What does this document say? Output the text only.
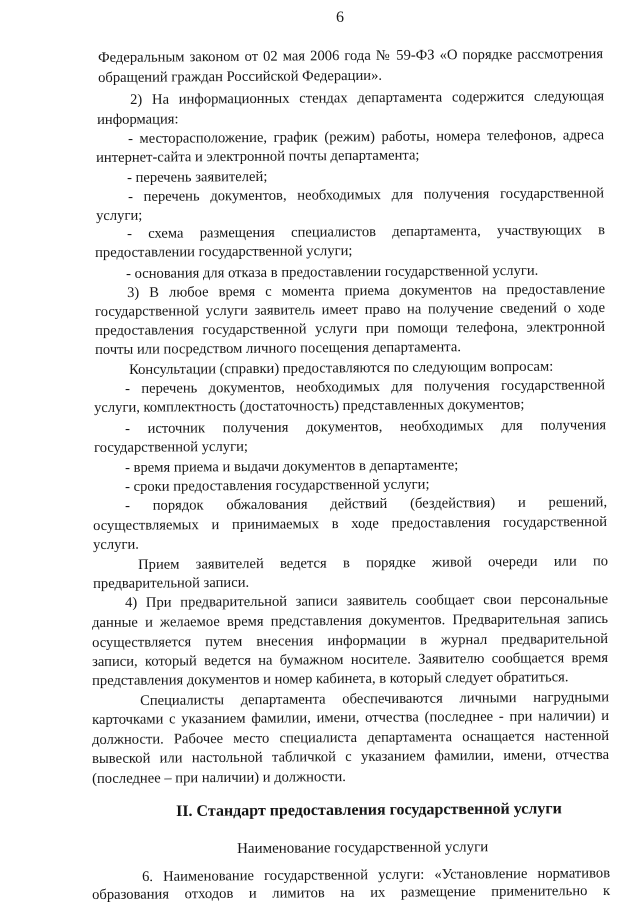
6
Федеральным законом от 02 мая 2006 года № 59-ФЗ «О порядке рассмотрения
обращений граждан Российской Федерации».
2) На информационных стендах департамента содержится следующая
информация:
- месторасположение, график (режим) работы, номера телефонов, адреса
интернет-сайта и электронной почты департамента;
- перечень заявителей;
- перечень документов, необходимых для получения государственной
услуги;
- схема размещения специалистов департамента, участвующих в
предоставлении государственной услуги;
- основания для отказа в предоставлении государственной услуги.
3) В любое время с момента приема документов на предоставление
государственной услуги заявитель имеет право на получение сведений о ходе
предоставления государственной услуги при помощи телефона, электронной
почты или посредством личного посещения департамента.
Консультации (справки) предоставляются по следующим вопросам:
- перечень документов, необходимых для получения государственной
услуги, комплектность (достаточность) представленных документов;
- источник получения документов, необходимых для получения
государственной услуги;
- время приема и выдачи документов в департаменте;
- сроки предоставления государственной услуги;
- порядок обжалования действий (бездействия) и решений,
осуществляемых и принимаемых в ходе предоставления государственной
услуги.
Прием заявителей ведется в порядке живой очереди или по
предварительной записи.
4) При предварительной записи заявитель сообщает свои персональные
данные и желаемое время представления документов. Предварительная запись
осуществляется путем внесения информации в журнал предварительной
записи, который ведется на бумажном носителе. Заявителю сообщается время
представления документов и номер кабинета, в который следует обратиться.
Специалисты департамента обеспечиваются личными нагрудными
карточками с указанием фамилии, имени, отчества (последнее - при наличии) и
должности. Рабочее место специалиста департамента оснащается настенной
вывеской или настольной табличкой с указанием фамилии, имени, отчества
(последнее – при наличии) и должности.
II. Стандарт предоставления государственной услуги
Наименование государственной услуги
6. Наименование государственной услуги: «Установление нормативов
образования отходов и лимитов на их размещение применительно к
